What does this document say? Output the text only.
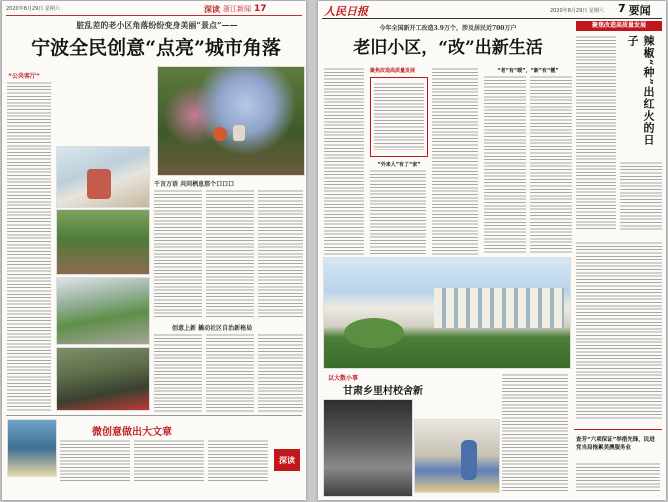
2020年8月29日 星期六	深读 浙江新闻 17
脏乱差的老小区角落纷纷变身美丽“景点”——
宁波全民创意“点亮”城市角落
“公共客厅”
千言万语 共同栖息那个口口口
创意上新 撬动社区自治新格局
微创意做出大文章
深读
人民日报	2020年8月29日 星期六 7 要闻
今年全国新开工改造3.9万个，涉及居民近700万户
老旧小区，“改”出新生活
聚焦改造高质量发展
辣椒“种”出红火的日子
聚焦改造高质量发展
“外来人”有了“家”
“老”有“暖”，“新”有“靓”
以大数小事
甘肃乡里村校舍新
查芳“六项保证”举措先锋，民进党当局拖累美澳服务业
